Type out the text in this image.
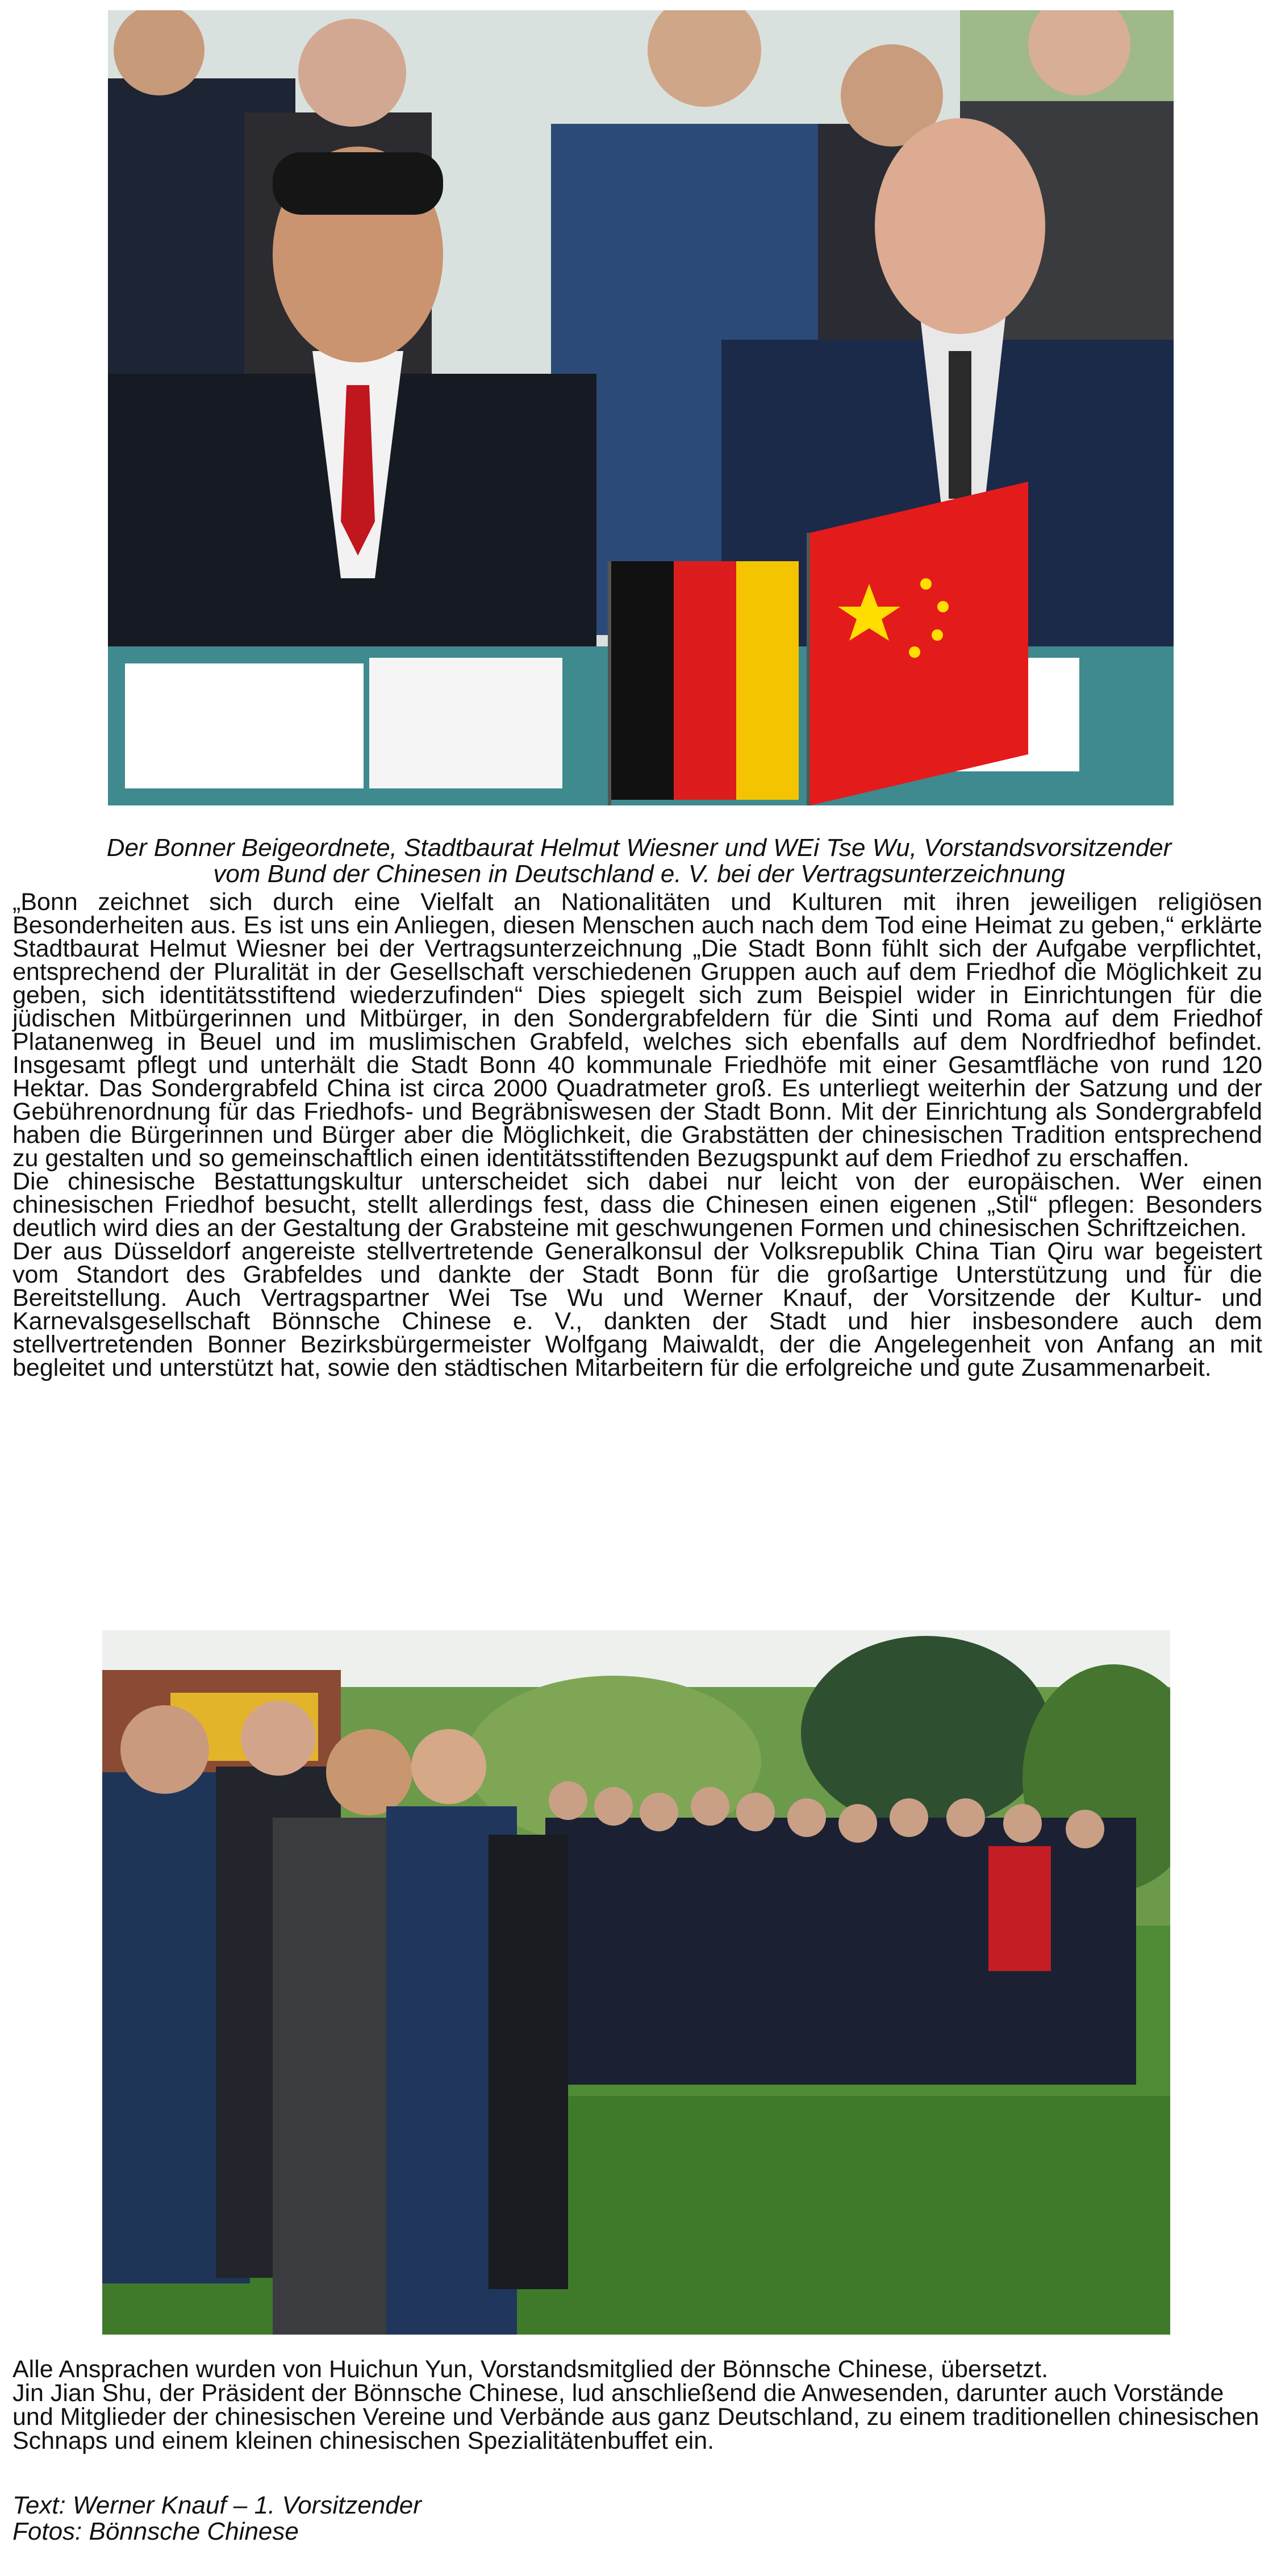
Der Bonner Beigeordnete, Stadtbaurat Helmut Wiesner und WEi Tse Wu, Vorstandsvorsitzender
vom Bund der Chinesen in Deutschland e. V. bei der Vertragsunterzeichnung

„Bonn zeichnet sich durch eine Vielfalt an Nationalitäten und Kulturen mit ihren jeweiligen religiösen Besonderheiten aus. Es ist uns ein Anliegen, diesen Menschen auch nach dem Tod eine Heimat zu geben,“ erklärte Stadtbaurat Helmut Wiesner bei der Vertragsunterzeichnung „Die Stadt Bonn fühlt sich der Aufgabe verpflichtet, entsprechend der Pluralität in der Gesellschaft verschiedenen Gruppen auch auf dem Friedhof die Möglichkeit zu geben, sich identitätsstiftend wiederzufinden“ Dies spiegelt sich zum Beispiel wider in Einrichtungen für die jüdischen Mitbürgerinnen und Mitbürger, in den Sondergrabfeldern für die Sinti und Roma auf dem Friedhof Platanenweg in Beuel und im muslimischen Grabfeld, welches sich ebenfalls auf dem Nordfriedhof befindet. Insgesamt pflegt und unterhält die Stadt Bonn 40 kommunale Friedhöfe mit einer Gesamtfläche von rund 120 Hektar. Das Sondergrabfeld China ist circa 2000 Quadratmeter groß. Es unterliegt weiterhin der Satzung und der Gebührenordnung für das Friedhofs- und Begräbniswesen der Stadt Bonn. Mit der Einrichtung als Sondergrabfeld haben die Bürgerinnen und Bürger aber die Möglichkeit, die Grabstätten der chinesischen Tradition entsprechend zu gestalten und so gemeinschaftlich einen identitätsstiftenden Bezugspunkt auf dem Friedhof zu erschaffen.

Die chinesische Bestattungskultur unterscheidet sich dabei nur leicht von der europäischen. Wer einen chinesischen Friedhof besucht, stellt allerdings fest, dass die Chinesen einen eigenen „Stil“ pflegen: Besonders deutlich wird dies an der Gestaltung der Grabsteine mit geschwungenen Formen und chinesischen Schriftzeichen.

Der aus Düsseldorf angereiste stellvertretende Generalkonsul der Volksrepublik China Tian Qiru war begeistert vom Standort des Grabfeldes und dankte der Stadt Bonn für die großartige Unterstützung und für die Bereitstellung. Auch Vertragspartner Wei Tse Wu und Werner Knauf, der Vorsitzende der Kultur- und Karnevalsgesellschaft Bönnsche Chinese e. V., dankten der Stadt und hier insbesondere auch dem stellvertretenden Bonner Bezirksbürgermeister Wolfgang Maiwaldt, der die Angelegenheit von Anfang an mit begleitet und unterstützt hat, sowie den städtischen Mitarbeitern für die erfolgreiche und gute Zusammenarbeit.

Alle Ansprachen wurden von Huichun Yun, Vorstandsmitglied der Bönnsche Chinese, übersetzt.

Jin Jian Shu, der Präsident der Bönnsche Chinese, lud anschließend die Anwesenden, darunter auch Vorstände und Mitglieder der chinesischen Vereine und Verbände aus ganz Deutschland, zu einem traditionellen chinesischen Schnaps und einem kleinen chinesischen Spezialitätenbuffet ein.

Text: Werner Knauf – 1. Vorsitzender
Fotos: Bönnsche Chinese
